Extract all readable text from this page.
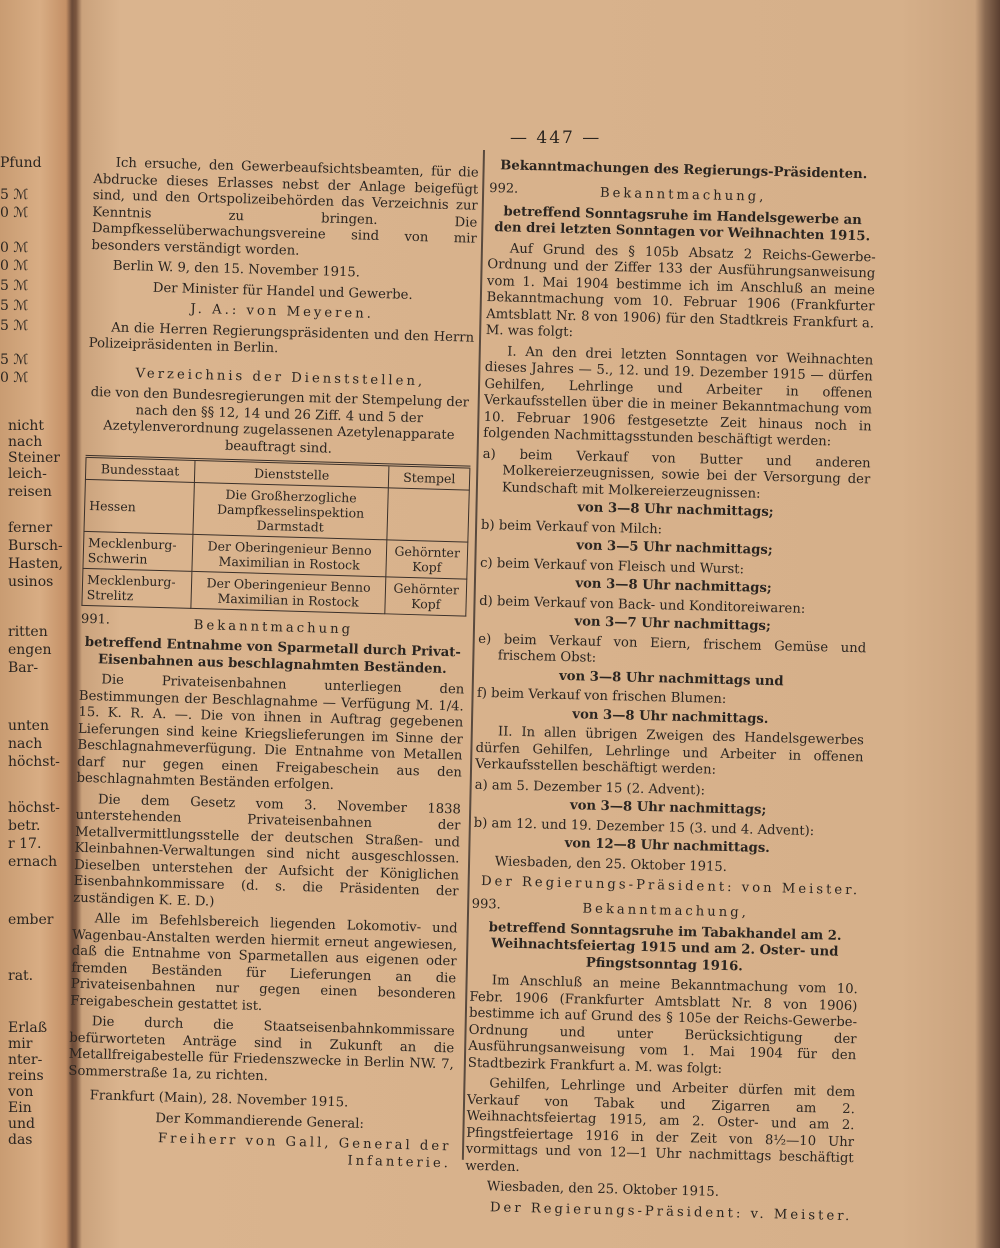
Pfund
5 ℳ
0 ℳ
0 ℳ
0 ℳ
5 ℳ
5 ℳ
5 ℳ
5 ℳ
0 ℳ
nicht
nach
Steiner
leich-
reisen
ferner
Bursch-
Hasten,
usinos
ritten
engen
Bar-
unten
nach
höchst-
höchst-
betr.
r 17.
ernach
ember
rat.
Erlaß
mir
nter-
reins
von
Ein
und
das
— 447 —

Ich ersuche, den Gewerbeaufsichtsbeamten, für die Abdrucke dieses Erlasses nebst der Anlage beigefügt sind, und den Ortspolizeibehörden das Verzeichnis zur Kenntnis zu bringen. Die Dampfkesselüberwachungsvereine sind von mir besonders verständigt worden.

Berlin W. 9, den 15. November 1915.

Der Minister für Handel und Gewerbe.

J. A.: von Meyeren.

An die Herren Regierungspräsidenten und den Herrn Polizeipräsidenten in Berlin.

Verzeichnis der Dienststellen,

die von den Bundesregierungen mit der Stempelung der nach den §§ 12, 14 und 26 Ziff. 4 und 5 der Azetylenverordnung zugelassenen Azetylenapparate beauftragt sind.

Bundesstaat	Dienststelle	Stempel
Hessen	Die Großherzogliche Dampfkesselinspektion Darmstadt	
Mecklenburg-Schwerin	Der Oberingenieur Benno Maximilian in Rostock	Gehörnter Kopf
Mecklenburg-Strelitz	Der Oberingenieur Benno Maximilian in Rostock	Gehörnter Kopf
991.	Bekanntmachung

betreffend Entnahme von Sparmetall durch Privat-Eisenbahnen aus beschlagnahmten Beständen.

Die Privateisenbahnen unterliegen den Bestimmungen der Beschlagnahme — Verfügung M. 1/4. 15. K. R. A. —. Die von ihnen in Auftrag gegebenen Lieferungen sind keine Kriegslieferungen im Sinne der Beschlagnahmeverfügung. Die Entnahme von Metallen darf nur gegen einen Freigabeschein aus den beschlagnahmten Beständen erfolgen.

Die dem Gesetz vom 3. November 1838 unterstehenden Privateisenbahnen der Metallvermittlungsstelle der deutschen Straßen- und Kleinbahnen-Verwaltungen sind nicht ausgeschlossen. Dieselben unterstehen der Aufsicht der Königlichen Eisenbahnkommissare (d. s. die Präsidenten der zuständigen K. E. D.)

Alle im Befehlsbereich liegenden Lokomotiv- und Wagenbau-Anstalten werden hiermit erneut angewiesen, daß die Entnahme von Sparmetallen aus eigenen oder fremden Beständen für Lieferungen an die Privateisenbahnen nur gegen einen besonderen Freigabeschein gestattet ist.

Die durch die Staatseisenbahnkommissare befürworteten Anträge sind in Zukunft an die Metallfreigabestelle für Friedenszwecke in Berlin NW. 7, Sommerstraße 1a, zu richten.

Frankfurt (Main), 28. November 1915.

Der Kommandierende General:

Freiherr von Gall, General der Infanterie.

Bekanntmachungen des Regierungs-Präsidenten.

992.	Bekanntmachung,

betreffend Sonntagsruhe im Handelsgewerbe an den drei letzten Sonntagen vor Weihnachten 1915.

Auf Grund des § 105b Absatz 2 Reichs-Gewerbe-Ordnung und der Ziffer 133 der Ausführungsanweisung vom 1. Mai 1904 bestimme ich im Anschluß an meine Bekanntmachung vom 10. Februar 1906 (Frankfurter Amtsblatt Nr. 8 von 1906) für den Stadtkreis Frankfurt a. M. was folgt:

I. An den drei letzten Sonntagen vor Weihnachten dieses Jahres — 5., 12. und 19. Dezember 1915 — dürfen Gehilfen, Lehrlinge und Arbeiter in offenen Verkaufsstellen über die in meiner Bekanntmachung vom 10. Februar 1906 festgesetzte Zeit hinaus noch in folgenden Nachmittagsstunden beschäftigt werden:

a) beim Verkauf von Butter und anderen Molkereierzeugnissen, sowie bei der Versorgung der Kundschaft mit Molkereierzeugnissen:

von 3—8 Uhr nachmittags;

b) beim Verkauf von Milch:

von 3—5 Uhr nachmittags;

c) beim Verkauf von Fleisch und Wurst:

von 3—8 Uhr nachmittags;

d) beim Verkauf von Back- und Konditoreiwaren:

von 3—7 Uhr nachmittags;

e) beim Verkauf von Eiern, frischem Gemüse und frischem Obst:

von 3—8 Uhr nachmittags und

f) beim Verkauf von frischen Blumen:

von 3—8 Uhr nachmittags.

II. In allen übrigen Zweigen des Handelsgewerbes dürfen Gehilfen, Lehrlinge und Arbeiter in offenen Verkaufsstellen beschäftigt werden:

a) am 5. Dezember 15 (2. Advent):

von 3—8 Uhr nachmittags;

b) am 12. und 19. Dezember 15 (3. und 4. Advent):

von 12—8 Uhr nachmittags.

Wiesbaden, den 25. Oktober 1915.

Der Regierungs-Präsident: von Meister.

993.	Bekanntmachung,

betreffend Sonntagsruhe im Tabakhandel am 2. Weihnachtsfeiertag 1915 und am 2. Oster- und Pfingstsonntag 1916.

Im Anschluß an meine Bekanntmachung vom 10. Febr. 1906 (Frankfurter Amtsblatt Nr. 8 von 1906) bestimme ich auf Grund des § 105e der Reichs-Gewerbe-Ordnung und unter Berücksichtigung der Ausführungsanweisung vom 1. Mai 1904 für den Stadtbezirk Frankfurt a. M. was folgt:

Gehilfen, Lehrlinge und Arbeiter dürfen mit dem Verkauf von Tabak und Zigarren am 2. Weihnachtsfeiertag 1915, am 2. Oster- und am 2. Pfingstfeiertage 1916 in der Zeit von 8½—10 Uhr vormittags und von 12—1 Uhr nachmittags beschäftigt werden.

Wiesbaden, den 25. Oktober 1915.

Der Regierungs-Präsident: v. Meister.
